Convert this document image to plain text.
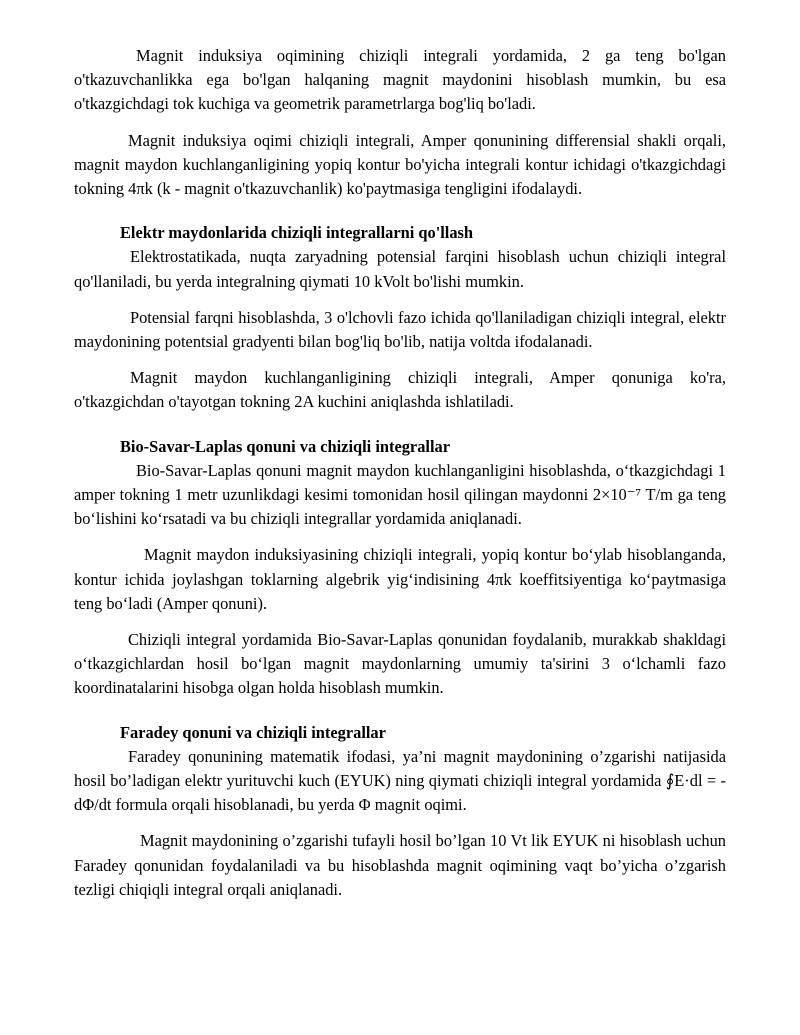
Magnit induksiya oqimining chiziqli integrali yordamida, 2 ga teng bo'lgan o'tkazuvchanlikka ega bo'lgan halqaning magnit maydonini hisoblash mumkin, bu esa o'tkazgichdagi tok kuchiga va geometrik parametrlarga bog'liq bo'ladi.

Magnit induksiya oqimi chiziqli integrali, Amper qonunining differensial shakli orqali, magnit maydon kuchlanganligining yopiq kontur bo'yicha integrali kontur ichidagi o'tkazgichdagi tokning 4πk (k - magnit o'tkazuvchanlik) ko'paytmasiga tengligini ifodalaydi.

Elektr maydonlarida chiziqli integrallarni qo'llash

Elektrostatikada, nuqta zaryadning potensial farqini hisoblash uchun chiziqli integral qo'llaniladi, bu yerda integralning qiymati 10 kVolt bo'lishi mumkin.

Potensial farqni hisoblashda, 3 o'lchovli fazo ichida qo'llaniladigan chiziqli integral, elektr maydonining potentsial gradyenti bilan bog'liq bo'lib, natija voltda ifodalanadi.

Magnit maydon kuchlanganligining chiziqli integrali, Amper qonuniga ko'ra, o'tkazgichdan o'tayotgan tokning 2A kuchini aniqlashda ishlatiladi.

Bio-Savar-Laplas qonuni va chiziqli integrallar

Bio-Savar-Laplas qonuni magnit maydon kuchlanganligini hisoblashda, o‘tkazgichdagi 1 amper tokning 1 metr uzunlikdagi kesimi tomonidan hosil qilingan maydonni 2×10⁻⁷ T/m ga teng bo‘lishini ko‘rsatadi va bu chiziqli integrallar yordamida aniqlanadi.

Magnit maydon induksiyasining chiziqli integrali, yopiq kontur bo‘ylab hisoblanganda, kontur ichida joylashgan toklarning algebrik yig‘indisining 4πk koeffitsiyentiga ko‘paytmasiga teng bo‘ladi (Amper qonuni).

Chiziqli integral yordamida Bio-Savar-Laplas qonunidan foydalanib, murakkab shakldagi o‘tkazgichlardan hosil bo‘lgan magnit maydonlarning umumiy ta'sirini 3 o‘lchamli fazo koordinatalarini hisobga olgan holda hisoblash mumkin.

Faradey qonuni va chiziqli integrallar

Faradey qonunining matematik ifodasi, ya’ni magnit maydonining o’zgarishi natijasida hosil bo’ladigan elektr yurituvchi kuch (EYUK) ning qiymati chiziqli integral yordamida ∮E·dl = -dΦ/dt formula orqali hisoblanadi, bu yerda Φ magnit oqimi.

Magnit maydonining o’zgarishi tufayli hosil bo’lgan 10 Vt lik EYUK ni hisoblash uchun Faradey qonunidan foydalaniladi va bu hisoblashda magnit oqimining vaqt bo’yicha o’zgarish tezligi chiqiqli integral orqali aniqlanadi.
